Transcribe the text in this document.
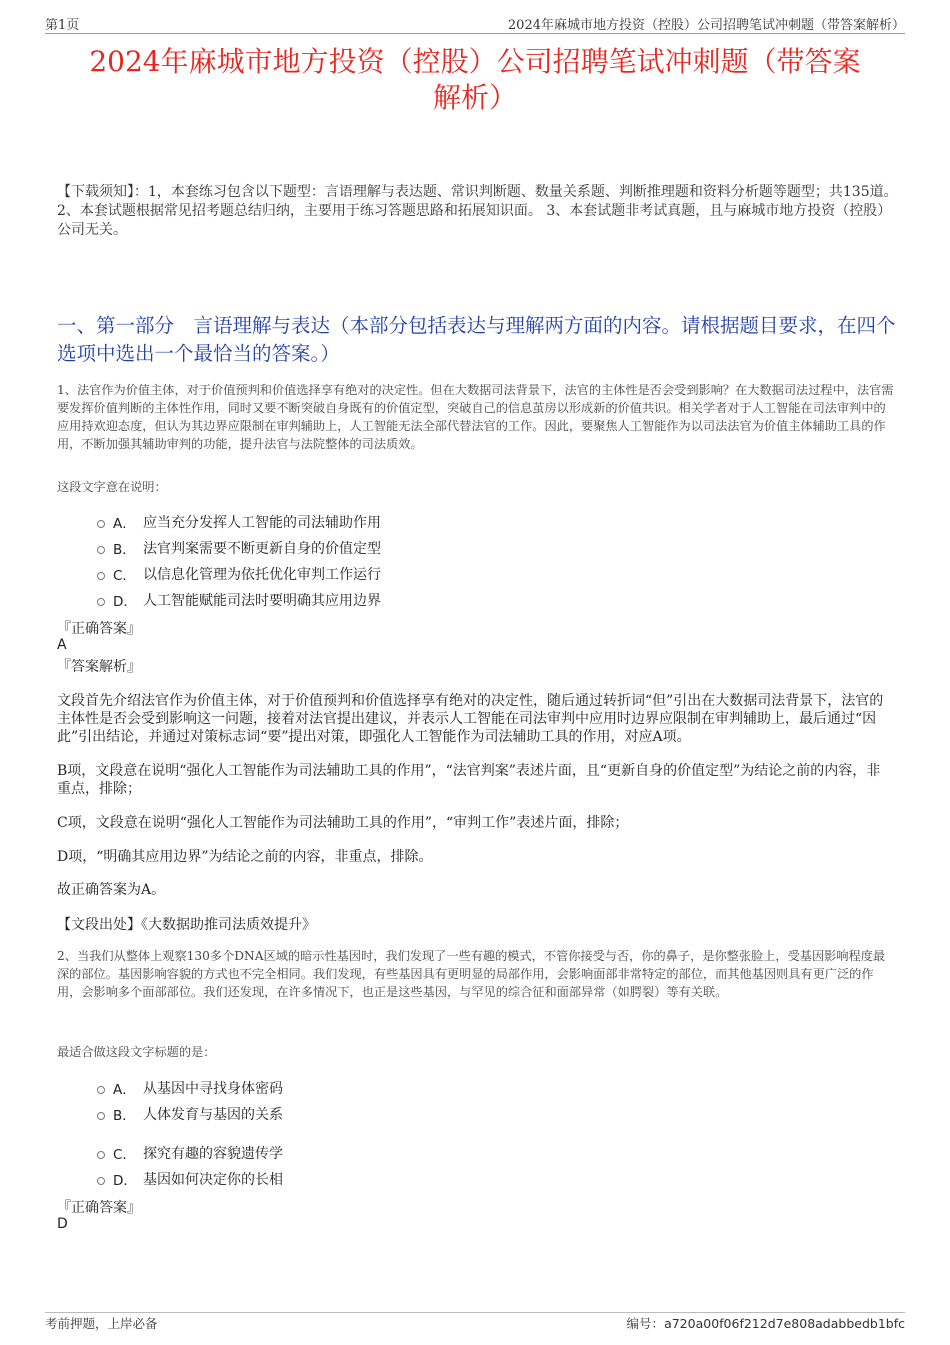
第1页	2024年麻城市地方投资（控股）公司招聘笔试冲刺题（带答案解析）
2024年麻城市地方投资（控股）公司招聘笔试冲刺题（带答案
解析）
【下载须知】：1，本套练习包含以下题型：言语理解与表达题、常识判断题、数量关系题、判断推理题和资料分析题等题型；共135道。 2、本套试题根据常见招考题总结归纳，主要用于练习答题思路和拓展知识面。 3、本套试题非考试真题，且与麻城市地方投资（控股）公司无关。
一、第一部分　言语理解与表达（本部分包括表达与理解两方面的内容。请根据题目要求，在四个选项中选出一个最恰当的答案。）
1、法官作为价值主体，对于价值预判和价值选择享有绝对的决定性。但在大数据司法背景下，法官的主体性是否会受到影响？在大数据司法过程中，法官需要发挥价值判断的主体性作用，同时又要不断突破自身既有的价值定型，突破自己的信息茧房以形成新的价值共识。相关学者对于人工智能在司法审判中的应用持欢迎态度，但认为其边界应限制在审判辅助上，人工智能无法全部代替法官的工作。因此，要聚焦人工智能作为以司法法官为价值主体辅助工具的作用，不断加强其辅助审判的功能，提升法官与法院整体的司法质效。
这段文字意在说明：
A． 应当充分发挥人工智能的司法辅助作用
B． 法官判案需要不断更新自身的价值定型
C． 以信息化管理为依托优化审判工作运行
D． 人工智能赋能司法时要明确其应用边界
『正确答案』
A
『答案解析』
文段首先介绍法官作为价值主体，对于价值预判和价值选择享有绝对的决定性，随后通过转折词“但”引出在大数据司法背景下，法官的主体性是否会受到影响这一问题，接着对法官提出建议，并表示人工智能在司法审判中应用时边界应限制在审判辅助上，最后通过“因此”引出结论，并通过对策标志词“要”提出对策，即强化人工智能作为司法辅助工具的作用，对应A项。
B项，文段意在说明“强化人工智能作为司法辅助工具的作用”，“法官判案”表述片面，且“更新自身的价值定型”为结论之前的内容，非重点，排除；
C项，文段意在说明“强化人工智能作为司法辅助工具的作用”，“审判工作”表述片面，排除；
D项，“明确其应用边界”为结论之前的内容，非重点，排除。
故正确答案为A。
【文段出处】《大数据助推司法质效提升》
2、当我们从整体上观察130多个DNA区域的暗示性基因时，我们发现了一些有趣的模式，不管你接受与否，你的鼻子，是你整张脸上，受基因影响程度最深的部位。基因影响容貌的方式也不完全相同。我们发现，有些基因具有更明显的局部作用，会影响面部非常特定的部位，而其他基因则具有更广泛的作用，会影响多个面部部位。我们还发现，在许多情况下，也正是这些基因，与罕见的综合征和面部异常（如腭裂）等有关联。
最适合做这段文字标题的是：
A． 从基因中寻找身体密码
B． 人体发育与基因的关系
C． 探究有趣的容貌遗传学
D． 基因如何决定你的长相
『正确答案』
D
考前押题，上岸必备	编号：a720a00f06f212d7e808adabbedb1bfc
